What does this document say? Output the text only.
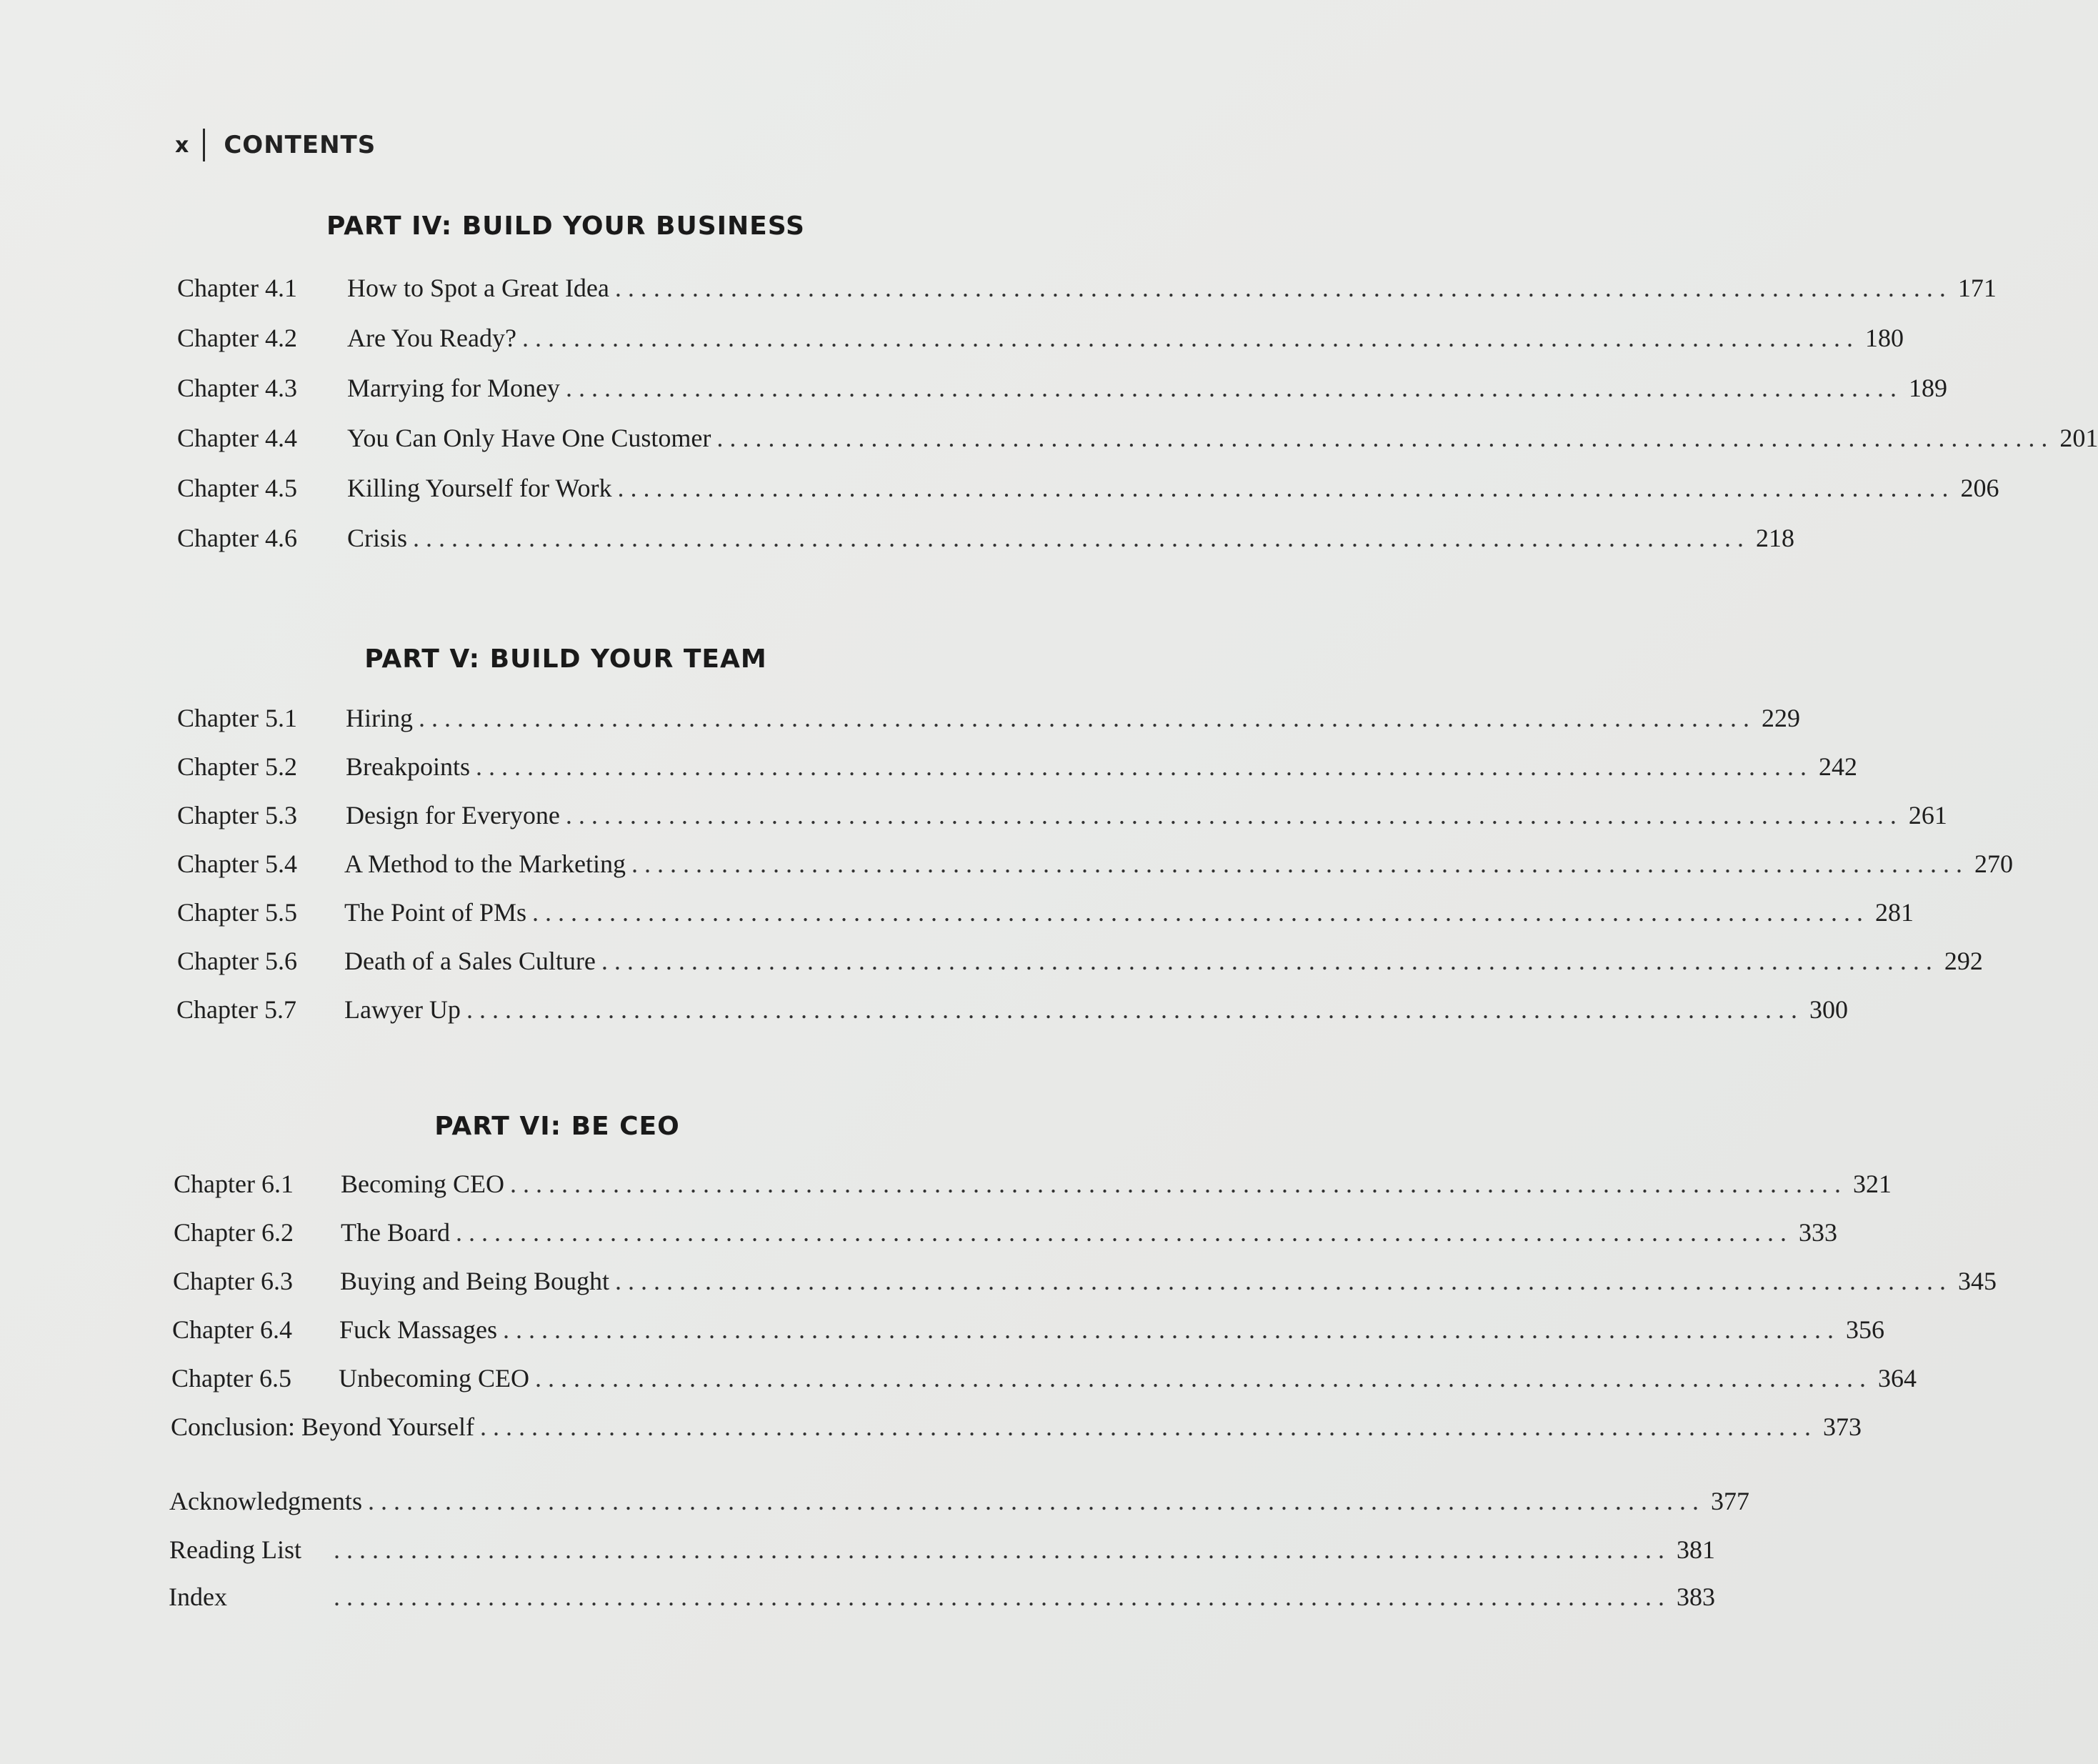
x CONTENTS
PART IV: BUILD YOUR BUSINESS
Chapter 4.1	How to Spot a Great Idea ........................................................................................................ 171
Chapter 4.2	Are You Ready? ........................................................................................................ 180
Chapter 4.3	Marrying for Money ........................................................................................................ 189
Chapter 4.4	You Can Only Have One Customer ........................................................................................................ 201
Chapter 4.5	Killing Yourself for Work ........................................................................................................ 206
Chapter 4.6	Crisis ........................................................................................................ 218
PART V: BUILD YOUR TEAM
Chapter 5.1	Hiring ........................................................................................................ 229
Chapter 5.2	Breakpoints ........................................................................................................ 242
Chapter 5.3	Design for Everyone ........................................................................................................ 261
Chapter 5.4	A Method to the Marketing ........................................................................................................ 270
Chapter 5.5	The Point of PMs ........................................................................................................ 281
Chapter 5.6	Death of a Sales Culture ........................................................................................................ 292
Chapter 5.7	Lawyer Up ........................................................................................................ 300
PART VI: BE CEO
Chapter 6.1	Becoming CEO ........................................................................................................ 321
Chapter 6.2	The Board ........................................................................................................ 333
Chapter 6.3	Buying and Being Bought ........................................................................................................ 345
Chapter 6.4	Fuck Massages ........................................................................................................ 356
Chapter 6.5	Unbecoming CEO ........................................................................................................ 364
Conclusion: Beyond Yourself ........................................................................................................ 373
Acknowledgments ........................................................................................................ 377
Reading List	........................................................................................................ 381
Index	........................................................................................................ 383
